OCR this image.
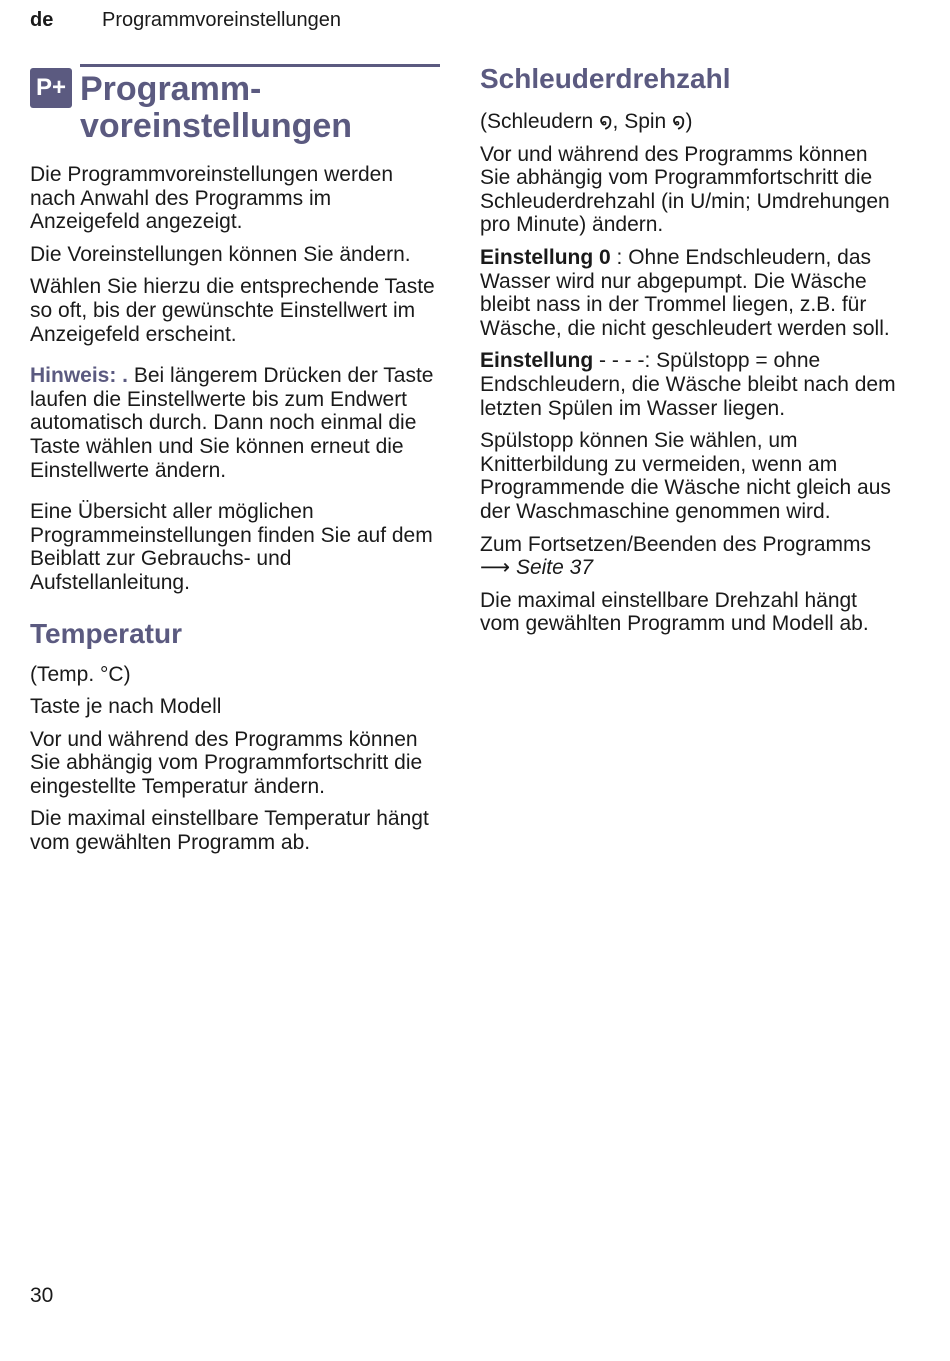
de Programmvoreinstellungen
P+ Programm-
voreinstellungen

Die Programmvoreinstellungen werden nach Anwahl des Programms im Anzeigefeld angezeigt.

Die Voreinstellungen können Sie ändern.

Wählen Sie hierzu die entsprechende Taste so oft, bis der gewünschte Einstellwert im Anzeigefeld erscheint.

Hinweis: . Bei längerem Drücken der Taste laufen die Einstellwerte bis zum Endwert automatisch durch. Dann noch einmal die Taste wählen und Sie können erneut die Einstellwerte ändern.

Eine Übersicht aller möglichen Programmeinstellungen finden Sie auf dem Beiblatt zur Gebrauchs- und Aufstellanleitung.

Temperatur

(Temp. °C)

Taste je nach Modell

Vor und während des Programms können Sie abhängig vom Programmfortschritt die eingestellte Temperatur ändern.

Die maximal einstellbare Temperatur hängt vom gewählten Programm ab.

Schleuderdrehzahl

(Schleudern ໑, Spin ໑)

Vor und während des Programms können Sie abhängig vom Programmfortschritt die Schleuderdrehzahl (in U/min; Umdrehungen pro Minute) ändern.

Einstellung 0 : Ohne Endschleudern, das Wasser wird nur abgepumpt. Die Wäsche bleibt nass in der Trommel liegen, z.B. für Wäsche, die nicht geschleudert werden soll.

Einstellung - - - -: Spülstopp = ohne Endschleudern, die Wäsche bleibt nach dem letzten Spülen im Wasser liegen.

Spülstopp können Sie wählen, um Knitterbildung zu vermeiden, wenn am Programmende die Wäsche nicht gleich aus der Waschmaschine genommen wird.

Zum Fortsetzen/Beenden des Programms ⟶ Seite 37

Die maximal einstellbare Drehzahl hängt vom gewählten Programm und Modell ab.

30
